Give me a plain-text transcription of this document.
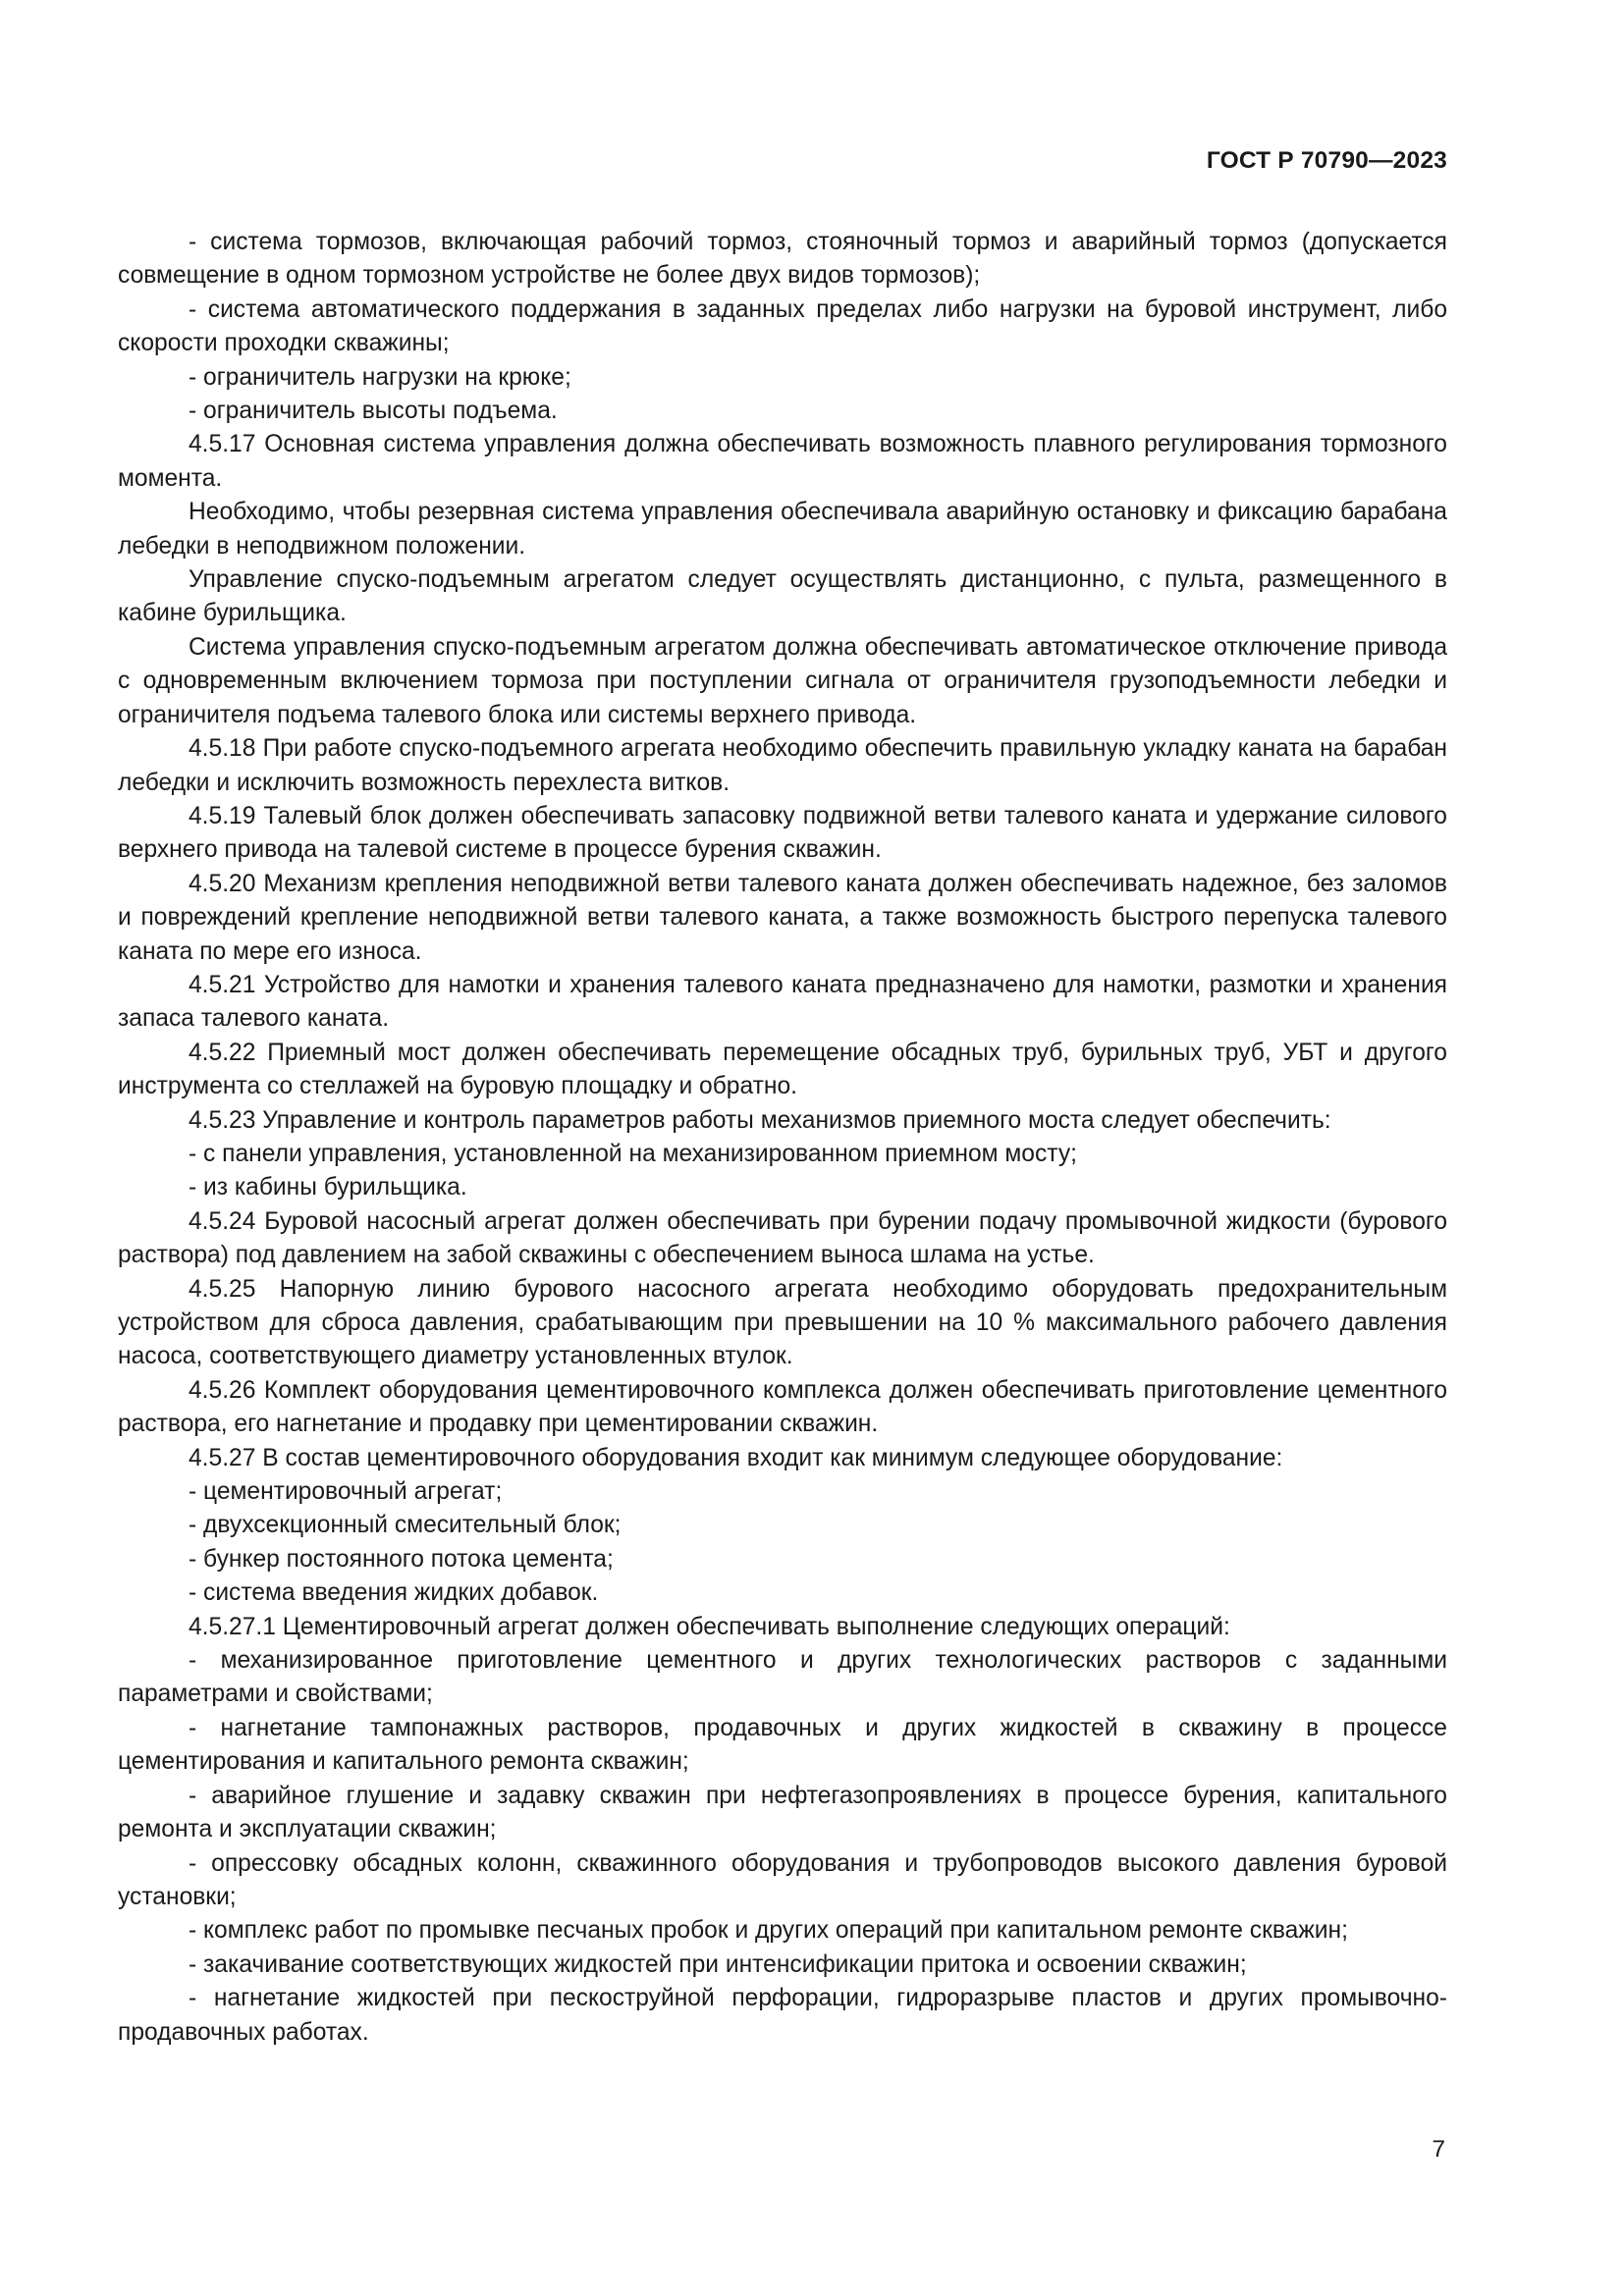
ГОСТ Р 70790—2023

- система тормозов, включающая рабочий тормоз, стояночный тормоз и аварийный тормоз (допускается совмещение в одном тормозном устройстве не более двух видов тормозов);

- система автоматического поддержания в заданных пределах либо нагрузки на буровой инструмент, либо скорости проходки скважины;

- ограничитель нагрузки на крюке;

- ограничитель высоты подъема.

4.5.17 Основная система управления должна обеспечивать возможность плавного регулирования тормозного момента.

Необходимо, чтобы резервная система управления обеспечивала аварийную остановку и фиксацию барабана лебедки в неподвижном положении.

Управление спуско-подъемным агрегатом следует осуществлять дистанционно, с пульта, размещенного в кабине бурильщика.

Система управления спуско-подъемным агрегатом должна обеспечивать автоматическое отключение привода с одновременным включением тормоза при поступлении сигнала от ограничителя грузоподъемности лебедки и ограничителя подъема талевого блока или системы верхнего привода.

4.5.18 При работе спуско-подъемного агрегата необходимо обеспечить правильную укладку каната на барабан лебедки и исключить возможность перехлеста витков.

4.5.19 Талевый блок должен обеспечивать запасовку подвижной ветви талевого каната и удержание силового верхнего привода на талевой системе в процессе бурения скважин.

4.5.20 Механизм крепления неподвижной ветви талевого каната должен обеспечивать надежное, без заломов и повреждений крепление неподвижной ветви талевого каната, а также возможность быстрого перепуска талевого каната по мере его износа.

4.5.21 Устройство для намотки и хранения талевого каната предназначено для намотки, размотки и хранения запаса талевого каната.

4.5.22 Приемный мост должен обеспечивать перемещение обсадных труб, бурильных труб, УБТ и другого инструмента со стеллажей на буровую площадку и обратно.

4.5.23 Управление и контроль параметров работы механизмов приемного моста следует обеспечить:

- с панели управления, установленной на механизированном приемном мосту;

- из кабины бурильщика.

4.5.24 Буровой насосный агрегат должен обеспечивать при бурении подачу промывочной жидкости (бурового раствора) под давлением на забой скважины с обеспечением выноса шлама на устье.

4.5.25 Напорную линию бурового насосного агрегата необходимо оборудовать предохранительным устройством для сброса давления, срабатывающим при превышении на 10 % максимального рабочего давления насоса, соответствующего диаметру установленных втулок.

4.5.26 Комплект оборудования цементировочного комплекса должен обеспечивать приготовление цементного раствора, его нагнетание и продавку при цементировании скважин.

4.5.27 В состав цементировочного оборудования входит как минимум следующее оборудование:

- цементировочный агрегат;

- двухсекционный смесительный блок;

- бункер постоянного потока цемента;

- система введения жидких добавок.

4.5.27.1 Цементировочный агрегат должен обеспечивать выполнение следующих операций:

- механизированное приготовление цементного и других технологических растворов с заданными параметрами и свойствами;

- нагнетание тампонажных растворов, продавочных и других жидкостей в скважину в процессе цементирования и капитального ремонта скважин;

- аварийное глушение и задавку скважин при нефтегазопроявлениях в процессе бурения, капитального ремонта и эксплуатации скважин;

- опрессовку обсадных колонн, скважинного оборудования и трубопроводов высокого давления буровой установки;

- комплекс работ по промывке песчаных пробок и других операций при капитальном ремонте скважин;

- закачивание соответствующих жидкостей при интенсификации притока и освоении скважин;

- нагнетание жидкостей при пескоструйной перфорации, гидроразрыве пластов и других промывочно-продавочных работах.

7
